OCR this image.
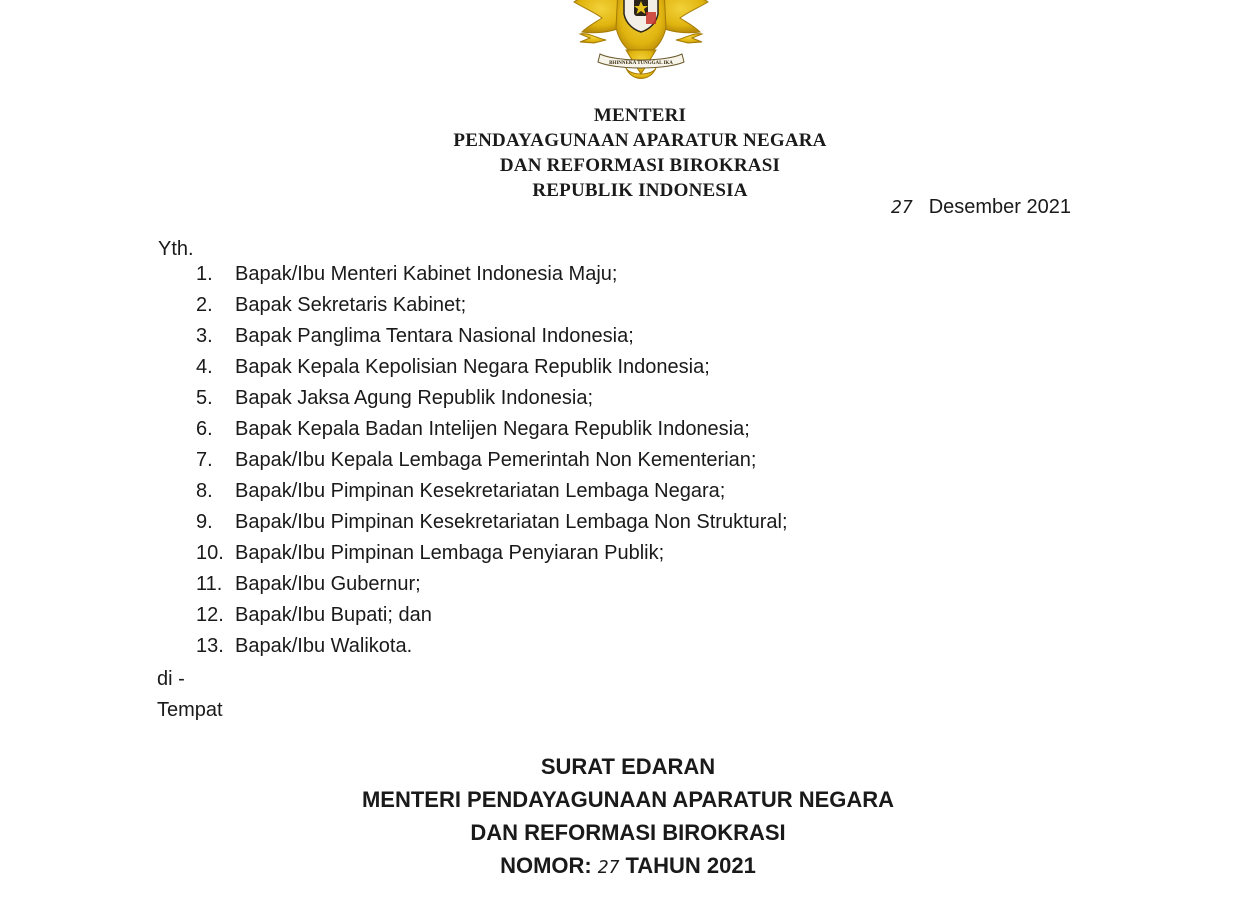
BHINNEKA TUNGGAL IKA
MENTERI
PENDAYAGUNAAN APARATUR NEGARA
DAN REFORMASI BIROKRASI
REPUBLIK INDONESIA
27 Desember 2021
Yth.
1.	Bapak/Ibu Menteri Kabinet Indonesia Maju;
2.	Bapak Sekretaris Kabinet;
3.	Bapak Panglima Tentara Nasional Indonesia;
4.	Bapak Kepala Kepolisian Negara Republik Indonesia;
5.	Bapak Jaksa Agung Republik Indonesia;
6.	Bapak Kepala Badan Intelijen Negara Republik Indonesia;
7.	Bapak/Ibu Kepala Lembaga Pemerintah Non Kementerian;
8.	Bapak/Ibu Pimpinan Kesekretariatan Lembaga Negara;
9.	Bapak/Ibu Pimpinan Kesekretariatan Lembaga Non Struktural;
10. Bapak/Ibu Pimpinan Lembaga Penyiaran Publik;
11. Bapak/Ibu Gubernur;
12. Bapak/Ibu Bupati; dan
13. Bapak/Ibu Walikota.
di -
Tempat
SURAT EDARAN
MENTERI PENDAYAGUNAAN APARATUR NEGARA
DAN REFORMASI BIROKRASI
NOMOR: 27 TAHUN 2021
